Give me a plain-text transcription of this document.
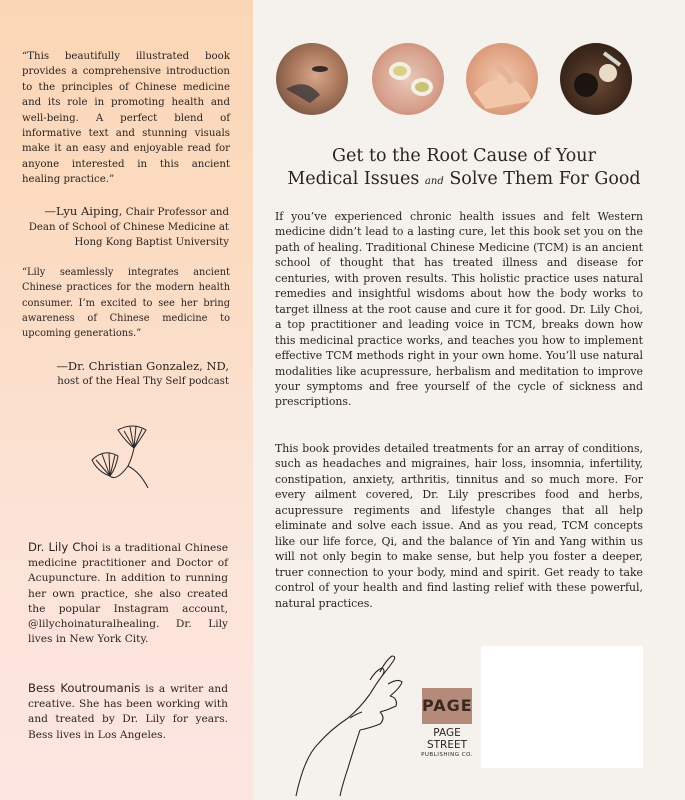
“This beautifully illustrated book provides a comprehensive introduction to the principles of Chinese medicine and its role in promoting health and well-being. A perfect blend of informative text and stunning visuals make it an easy and enjoyable read for anyone interested in this ancient healing practice.”

—Lyu Aiping, Chair Professor and
Dean of School of Chinese Medicine at
Hong Kong Baptist University

“Lily seamlessly integrates ancient Chinese practices for the modern health consumer. I’m excited to see her bring awareness of Chinese medicine to upcoming generations.”

—Dr. Christian Gonzalez, ND,
host of the Heal Thy Self podcast

Dr. Lily Choi is a traditional Chinese medicine practitioner and Doctor of Acupuncture. In addition to running her own practice, she also created the popular Instagram account, @lilychoinaturalhealing. Dr. Lily lives in New York City.

Bess Koutroumanis is a writer and creative. She has been working with and treated by Dr. Lily for years. Bess lives in Los Angeles.

Get to the Root Cause of Your
Medical Issues and Solve Them For Good

If you’ve experienced chronic health issues and felt Western medicine didn’t lead to a lasting cure, let this book set you on the path of healing. Traditional Chinese Medicine (TCM) is an ancient school of thought that has treated illness and disease for centuries, with proven results. This holistic practice uses natural remedies and insightful wisdoms about how the body works to target illness at the root cause and cure it for good. Dr. Lily Choi, a top practitioner and leading voice in TCM, breaks down how this medicinal practice works, and teaches you how to implement effective TCM methods right in your own home. You’ll use natural modalities like acupressure, herbalism and meditation to improve your symptoms and free yourself of the cycle of sickness and prescriptions.

This book provides detailed treatments for an array of conditions, such as headaches and migraines, hair loss, insomnia, infertility, constipation, anxiety, arthritis, tinnitus and so much more. For every ailment covered, Dr. Lily prescribes food and herbs, acupressure regiments and lifestyle changes that all help eliminate and solve each issue. And as you read, TCM concepts like our life force, Qi, and the balance of Yin and Yang within us will not only begin to make sense, but help you foster a deeper, truer connection to your body, mind and spirit. Get ready to take control of your health and find lasting relief with these powerful, natural practices.

PAGE
PAGE STREET
PUBLISHING CO.
